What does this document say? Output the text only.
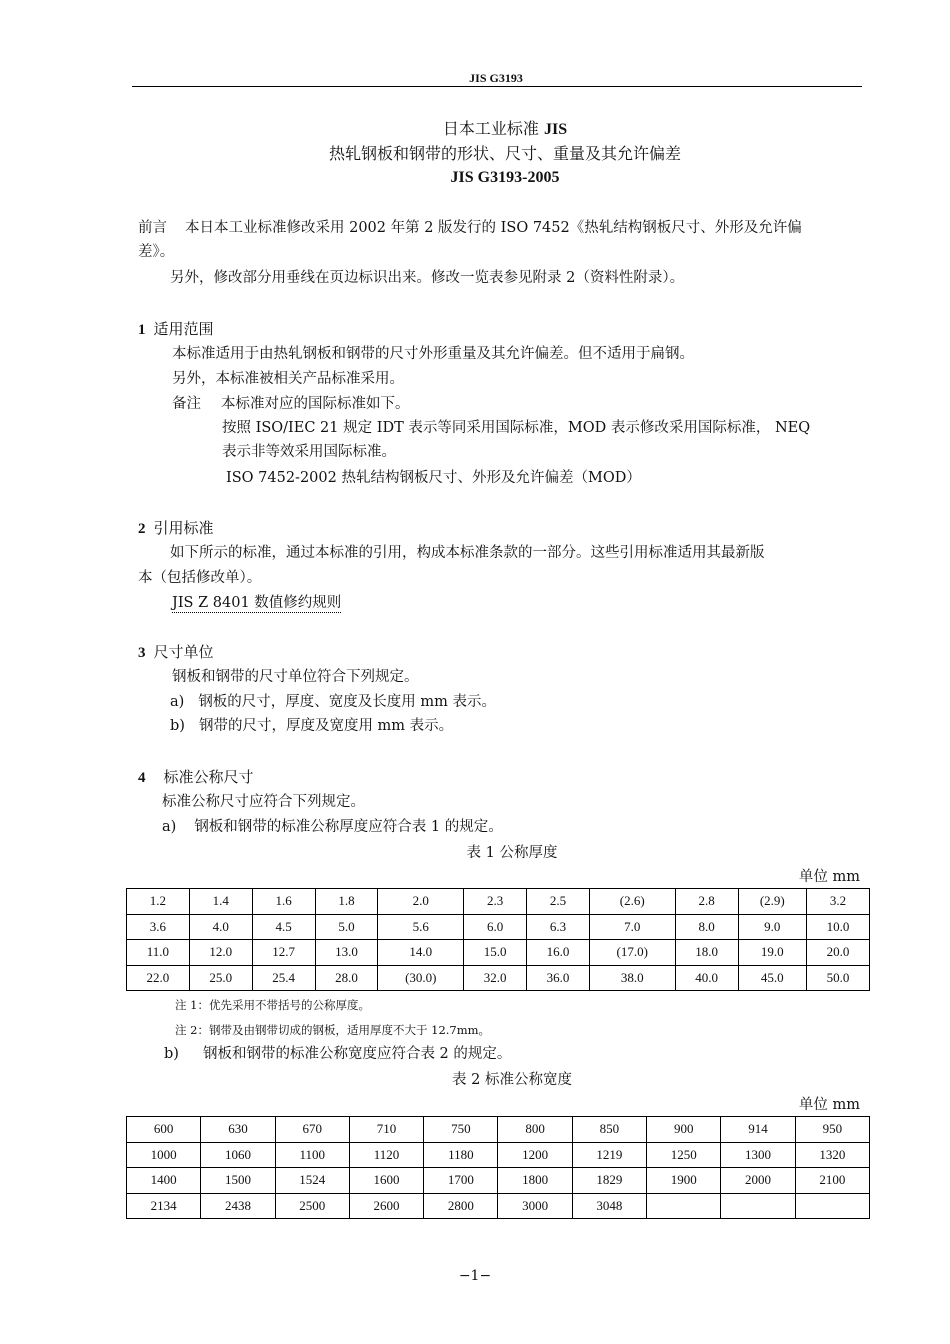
JIS G3193
日本工业标准 JIS
热轧钢板和钢带的形状、尺寸、重量及其允许偏差
JIS G3193-2005
前言 本日本工业标准修改采用 2002 年第 2 版发行的 ISO 7452《热轧结构钢板尺寸、外形及允许偏
差》。
另外，修改部分用垂线在页边标识出来。修改一览表参见附录 2（资料性附录）。
1 适用范围
本标准适用于由热轧钢板和钢带的尺寸外形重量及其允许偏差。但不适用于扁钢。
另外，本标准被相关产品标准采用。
备注 本标准对应的国际标准如下。
按照 ISO/IEC 21 规定 IDT 表示等同采用国际标准，MOD 表示修改采用国际标准， NEQ
表示非等效采用国际标准。
ISO 7452-2002 热轧结构钢板尺寸、外形及允许偏差（MOD）
2 引用标准
如下所示的标准，通过本标准的引用，构成本标准条款的一部分。这些引用标准适用其最新版
本（包括修改单）。
JIS Z 8401 数值修约规则
3 尺寸单位
钢板和钢带的尺寸单位符合下列规定。
a) 钢板的尺寸，厚度、宽度及长度用 mm 表示。
b) 钢带的尺寸，厚度及宽度用 mm 表示。
4 标准公称尺寸
标准公称尺寸应符合下列规定。
a) 钢板和钢带的标准公称厚度应符合表 1 的规定。
表 1 公称厚度
单位 mm
1.2	1.4	1.6	1.8	2.0	2.3	2.5	(2.6)	2.8	(2.9)	3.2
3.6	4.0	4.5	5.0	5.6	6.0	6.3	7.0	8.0	9.0	10.0
11.0	12.0	12.7	13.0	14.0	15.0	16.0	(17.0)	18.0	19.0	20.0
22.0	25.0	25.4	28.0	(30.0)	32.0	36.0	38.0	40.0	45.0	50.0
注 1：优先采用不带括号的公称厚度。
注 2：钢带及由钢带切成的钢板，适用厚度不大于 12.7mm。
b) 钢板和钢带的标准公称宽度应符合表 2 的规定。
表 2 标准公称宽度
单位 mm
600	630	670	710	750	800	850	900	914	950
1000	1060	1100	1120	1180	1200	1219	1250	1300	1320
1400	1500	1524	1600	1700	1800	1829	1900	2000	2100
2134	2438	2500	2600	2800	3000	3048			
−1−
